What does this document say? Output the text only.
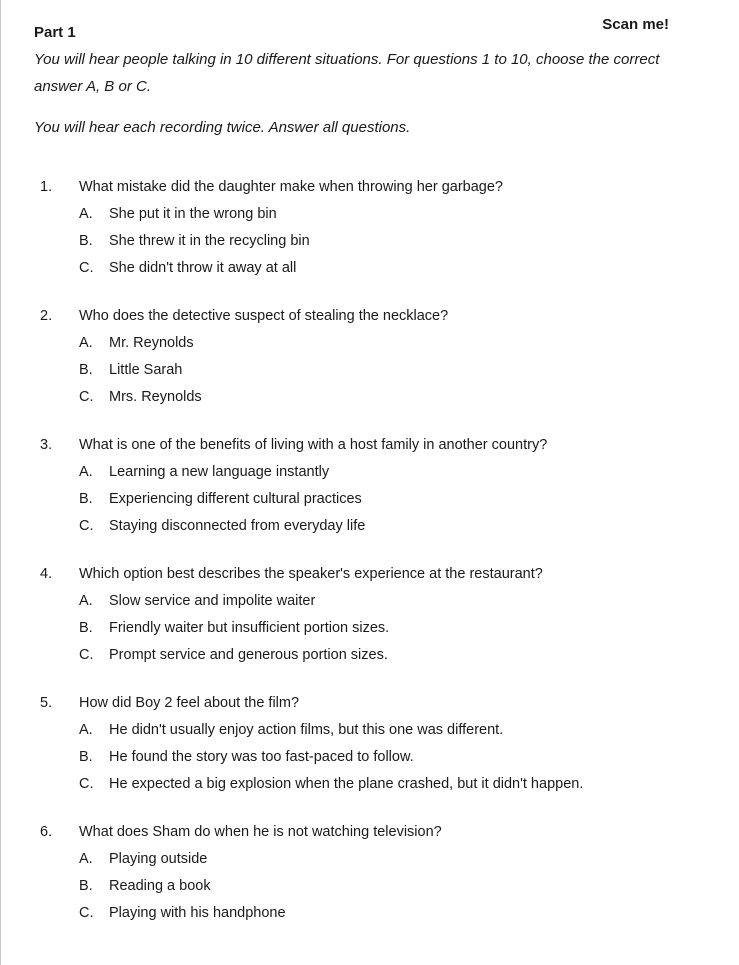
Part 1	Scan me!

You will hear people talking in 10 different situations. For questions 1 to 10, choose the correct answer A, B or C.

You will hear each recording twice. Answer all questions.

1. What mistake did the daughter make when throwing her garbage?
A. She put it in the wrong bin
B. She threw it in the recycling bin
C. She didn't throw it away at all
2. Who does the detective suspect of stealing the necklace?
A. Mr. Reynolds
B. Little Sarah
C. Mrs. Reynolds
3. What is one of the benefits of living with a host family in another country?
A. Learning a new language instantly
B. Experiencing different cultural practices
C. Staying disconnected from everyday life
4. Which option best describes the speaker's experience at the restaurant?
A. Slow service and impolite waiter
B. Friendly waiter but insufficient portion sizes.
C. Prompt service and generous portion sizes.
5. How did Boy 2 feel about the film?
A. He didn't usually enjoy action films, but this one was different.
B. He found the story was too fast-paced to follow.
C. He expected a big explosion when the plane crashed, but it didn't happen.
6. What does Sham do when he is not watching television?
A. Playing outside
B. Reading a book
C. Playing with his handphone
